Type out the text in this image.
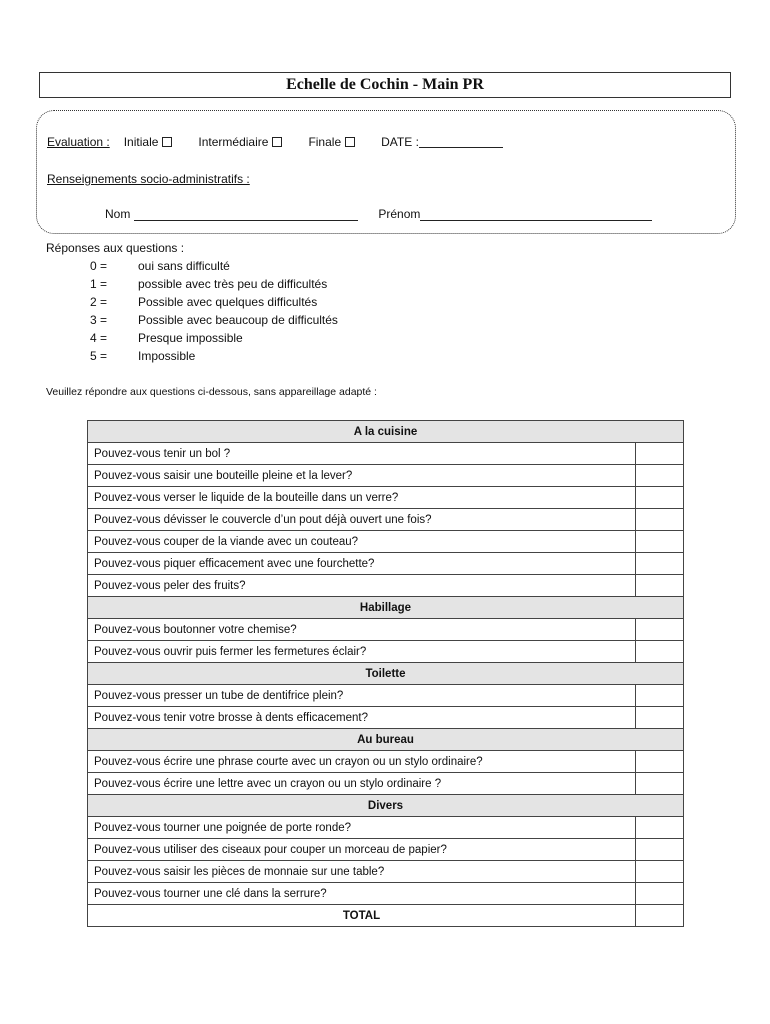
Echelle de Cochin - Main PR
Evaluation : Initiale	Intermédiaire	Finale	DATE :
Renseignements socio-administratifs :
Nom	Prénom
Réponses aux questions :
0 =	oui sans difficulté
1 =	possible avec très peu de difficultés
2 =	Possible avec quelques difficultés
3 =	Possible avec beaucoup de difficultés
4 =	Presque impossible
5 =	Impossible
Veuillez répondre aux questions ci-dessous, sans appareillage adapté :
A la cuisine	
Pouvez-vous tenir un bol ?	
Pouvez-vous saisir une bouteille pleine et la lever?	
Pouvez-vous verser le liquide de la bouteille dans un verre?	
Pouvez-vous dévisser le couvercle d’un pout déjà ouvert une fois?	
Pouvez-vous couper de la viande avec un couteau?	
Pouvez-vous piquer efficacement avec une fourchette?	
Pouvez-vous peler des fruits?	
Habillage	
Pouvez-vous boutonner votre chemise?	
Pouvez-vous ouvrir puis fermer les fermetures éclair?	
Toilette	
Pouvez-vous presser un tube de dentifrice plein?	
Pouvez-vous tenir votre brosse à dents efficacement?	
Au bureau	
Pouvez-vous écrire une phrase courte avec un crayon ou un stylo ordinaire?	
Pouvez-vous écrire une lettre avec un crayon ou un stylo ordinaire ?	
Divers	
Pouvez-vous tourner une poignée de porte ronde?	
Pouvez-vous utiliser des ciseaux pour couper un morceau de papier?	
Pouvez-vous saisir les pièces de monnaie sur une table?	
Pouvez-vous tourner une clé dans la serrure?	
TOTAL	
